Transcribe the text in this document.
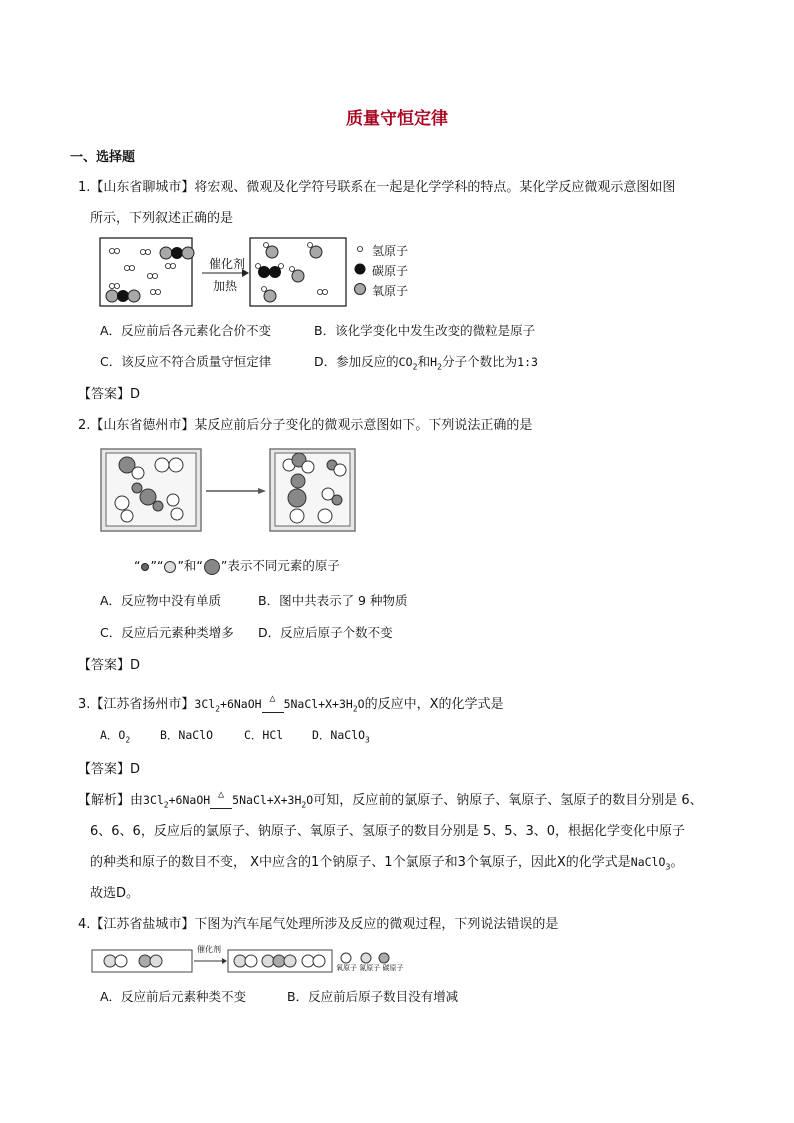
质量守恒定律
一、选择题
1.【山东省聊城市】将宏观、微观及化学符号联系在一起是化学学科的特点。某化学反应微观示意图如图
所示，下列叙述正确的是
催化剂
加热
氢原子
碳原子
氧原子
A．反应前后各元素化合价不变	B．该化学变化中发生改变的微粒是原子
C．该反应不符合质量守恒定律	D．参加反应的$CO_2$和$H_2$分子个数比为1:3
【答案】D
2.【山东省德州市】某反应前后分子变化的微观示意图如下。下列说法正确的是
“ ”“ ”和“ ”表示不同元素的原子
A．反应物中没有单质	B．图中共表示了 9 种物质
C．反应后元素种类增多 D．反应后原子个数不变
【答案】D
3.【江苏省扬州市】$3Cl_2+6NaOH$ △ $5NaCl+X+3H_2O$的反应中，X的化学式是
A．$O_2$	B．NaClO	C．HCl	D．NaClO$_3$
【答案】D
【解析】由$3Cl_2+6NaOH$ △ $5NaCl+X+3H_2O$可知，反应前的氯原子、钠原子、氧原子、氢原子的数目分别是 6、
6、6、6，反应后的氯原子、钠原子、氧原子、氢原子的数目分别是 5、5、3、0，根据化学变化中原子
的种类和原子的数目不变， X中应含的1个钠原子、1个氯原子和3个氧原子，因此X的化学式是NaClO$_3$。
故选D。
4.【江苏省盐城市】下图为汽车尾气处理所涉及反应的微观过程，下列说法错误的是
催化剂
氧原子 氮原子 碳原子
A．反应前后元素种类不变	B．反应前后原子数目没有增减
